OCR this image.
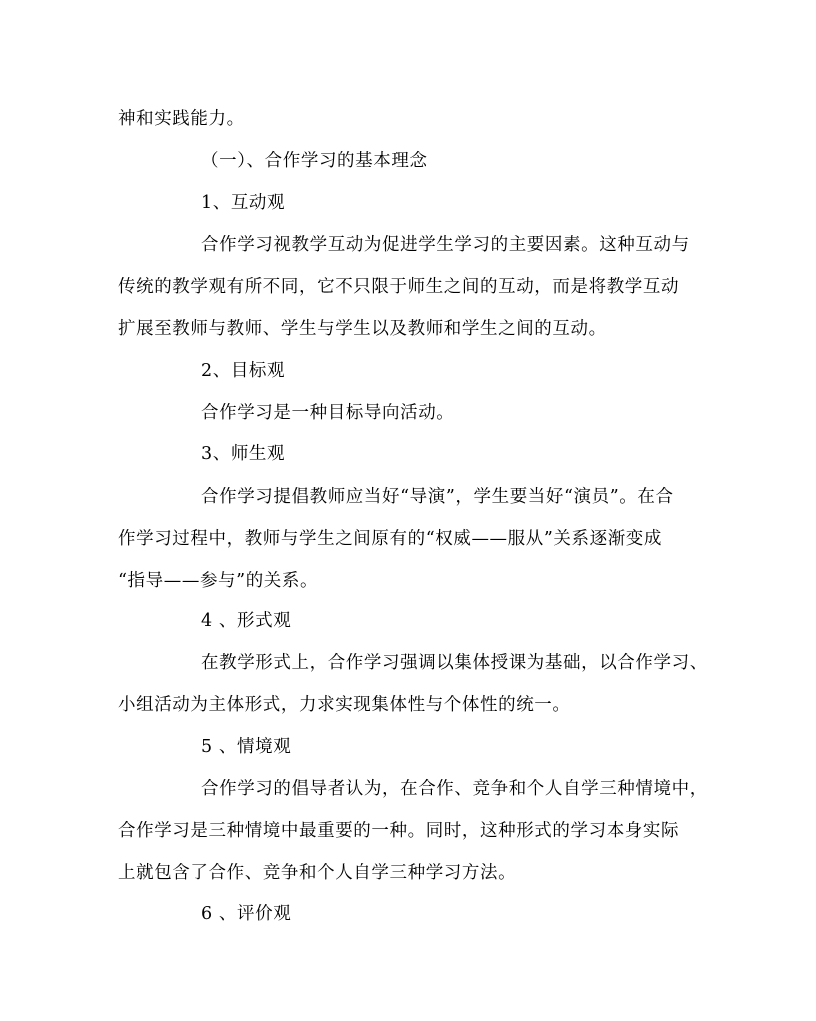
神和实践能力。
（一）、合作学习的基本理念
1、互动观
合作学习视教学互动为促进学生学习的主要因素。这种互动与
传统的教学观有所不同，它不只限于师生之间的互动，而是将教学互动
扩展至教师与教师、学生与学生以及教师和学生之间的互动。
2、目标观
合作学习是一种目标导向活动。
3、师生观
合作学习提倡教师应当好“导演”，学生要当好“演员”。在合
作学习过程中，教师与学生之间原有的“权威——服从”关系逐渐变成
“指导——参与”的关系。
4 、形式观
在教学形式上，合作学习强调以集体授课为基础，以合作学习、
小组活动为主体形式，力求实现集体性与个体性的统一。
5 、情境观
合作学习的倡导者认为，在合作、竞争和个人自学三种情境中，
合作学习是三种情境中最重要的一种。同时，这种形式的学习本身实际
上就包含了合作、竞争和个人自学三种学习方法。
6 、评价观
